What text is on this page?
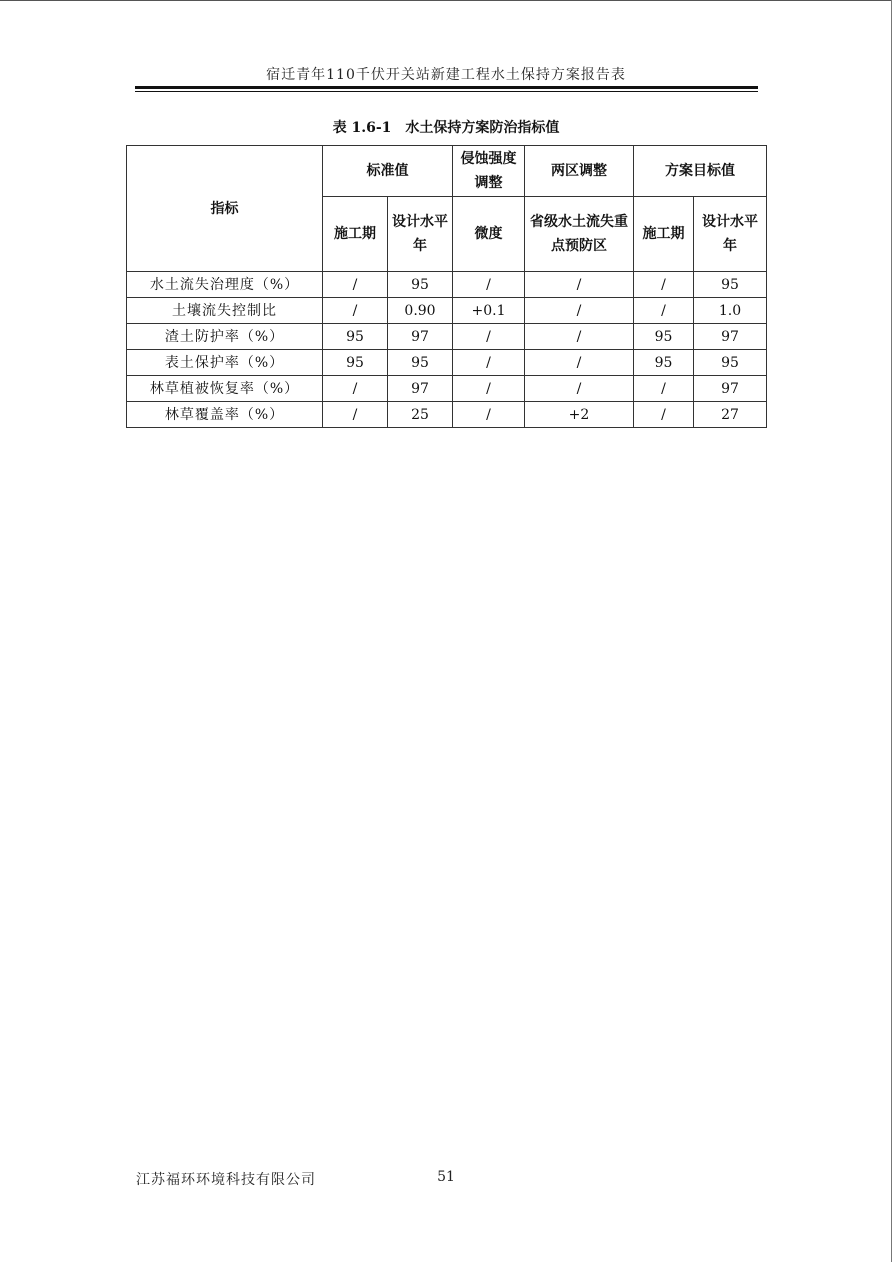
宿迁青年110千伏开关站新建工程水土保持方案报告表
表 1.6-1 水土保持方案防治指标值
指标	标准值		侵蚀强度调整	两区调整	方案目标值	
	施工期	设计水平年	微度	省级水土流失重点预防区	施工期	设计水平年
水土流失治理度（%）	/	95	/	/	/	95
土壤流失控制比	/	0.90	+0.1	/	/	1.0
渣土防护率（%）	95	97	/	/	95	97
表土保护率（%）	95	95	/	/	95	95
林草植被恢复率（%）	/	97	/	/	/	97
林草覆盖率（%）	/	25	/	+2	/	27
江苏福环环境科技有限公司	51
